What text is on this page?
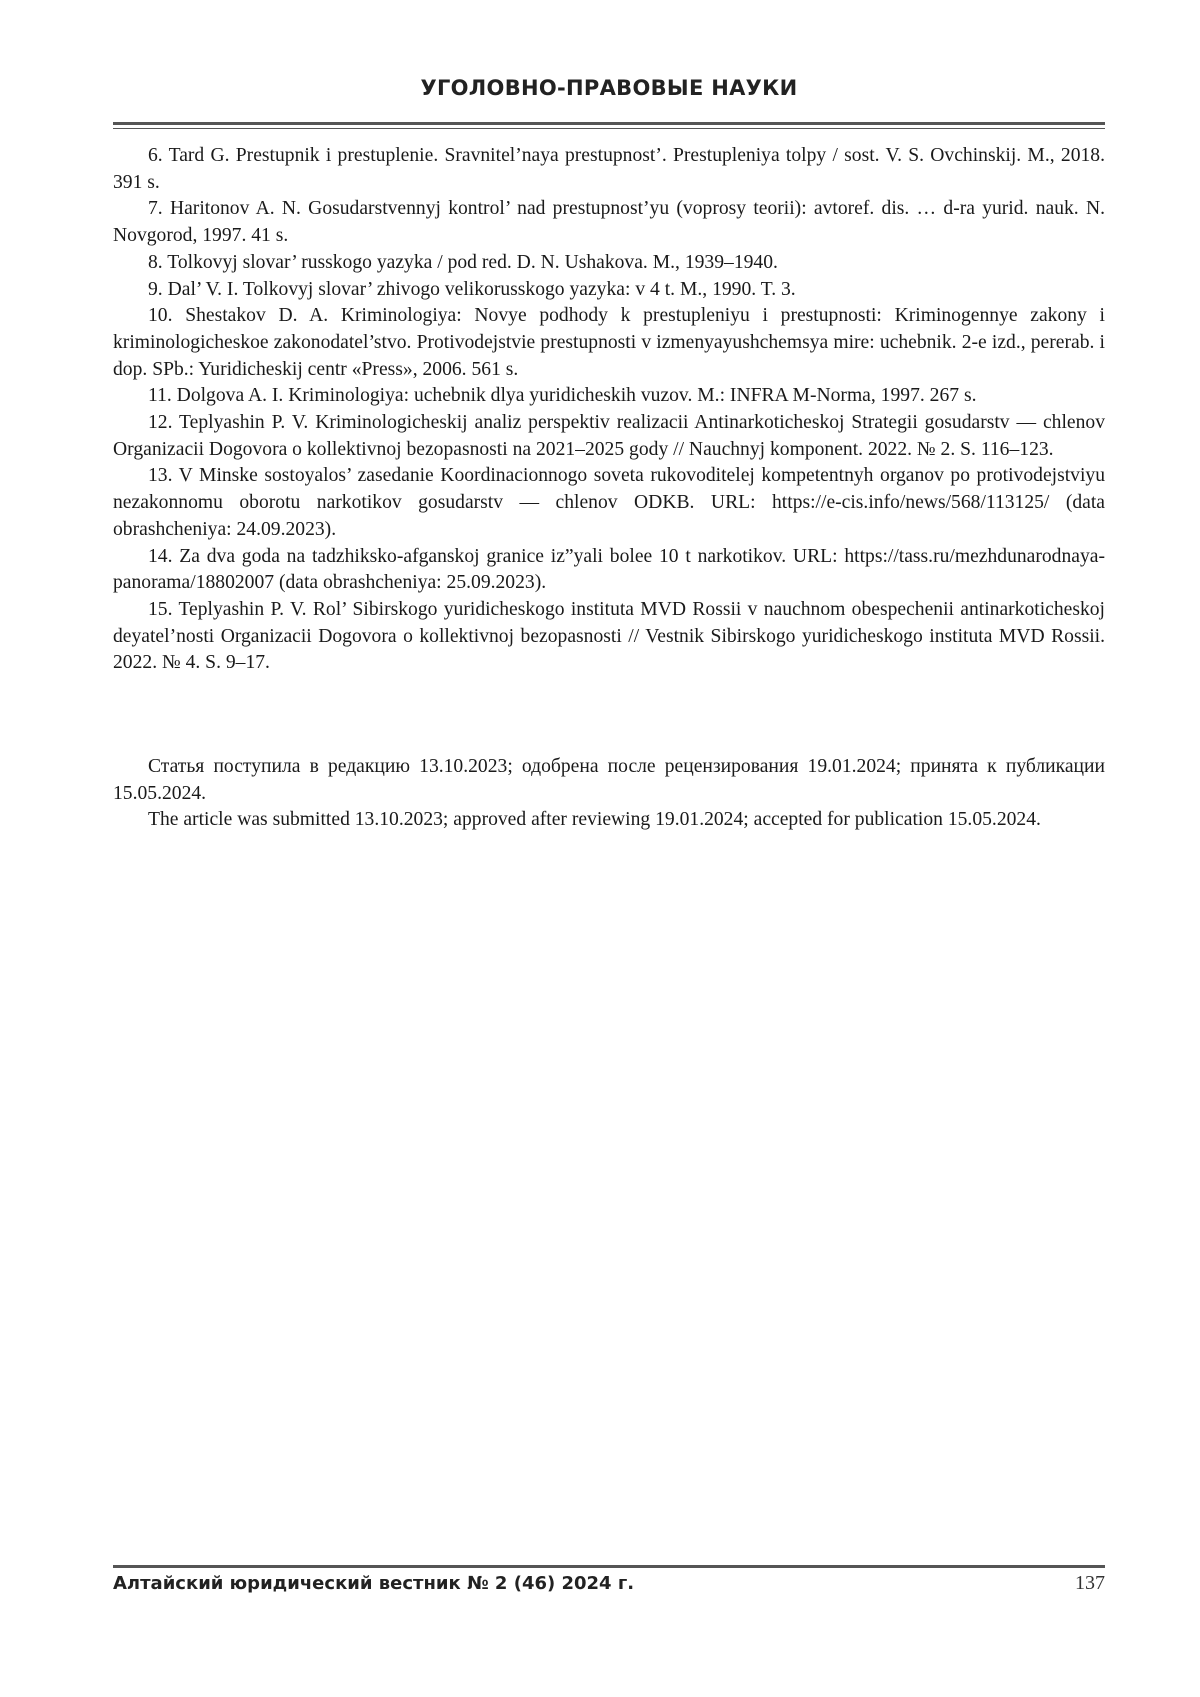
УГОЛОВНО-ПРАВОВЫЕ НАУКИ

6. Tard G. Prestupnik i prestuplenie. Sravnitel’naya prestupnost’. Prestupleniya tolpy / sost. V. S. Ovchinskij. M., 2018. 391 s.

7. Haritonov A. N. Gosudarstvennyj kontrol’ nad prestupnost’yu (voprosy teorii): avtoref. dis. … d-ra yurid. nauk. N. Novgorod, 1997. 41 s.

8. Tolkovyj slovar’ russkogo yazyka / pod red. D. N. Ushakova. M., 1939–1940.

9. Dal’ V. I. Tolkovyj slovar’ zhivogo velikorusskogo yazyka: v 4 t. M., 1990. T. 3.

10. Shestakov D. A. Kriminologiya: Novye podhody k prestupleniyu i prestupnosti: Kriminogennye zakony i kriminologicheskoe zakonodatel’stvo. Protivodejstvie prestupnosti v izmenyayushchemsya mire: uchebnik. 2-e izd., pererab. i dop. SPb.: Yuridicheskij centr «Press», 2006. 561 s.

11. Dolgova A. I. Kriminologiya: uchebnik dlya yuridicheskih vuzov. M.: INFRA M-Norma, 1997. 267 s.

12. Teplyashin P. V. Kriminologicheskij analiz perspektiv realizacii Antinarkoticheskoj Strategii gosudarstv — chlenov Organizacii Dogovora o kollektivnoj bezopasnosti na 2021–2025 gody // Nauchnyj komponent. 2022. № 2. S. 116–123.

13. V Minske sostoyalos’ zasedanie Koordinacionnogo soveta rukovoditelej kompetentnyh organov po protivodejstviyu nezakonnomu oborotu narkotikov gosudarstv — chlenov ODKB. URL: https://e-cis.info/news/568/113125/ (data obrashcheniya: 24.09.2023).

14. Za dva goda na tadzhiksko-afganskoj granice iz”yali bolee 10 t narkotikov. URL: https://tass.ru/mezhdunarodnaya-panorama/18802007 (data obrashcheniya: 25.09.2023).

15. Teplyashin P. V. Rol’ Sibirskogo yuridicheskogo instituta MVD Rossii v nauchnom obespechenii antinarkoticheskoj deyatel’nosti Organizacii Dogovora o kollektivnoj bezopasnosti // Vestnik Sibirskogo yuridicheskogo instituta MVD Rossii. 2022. № 4. S. 9–17.

Статья поступила в редакцию 13.10.2023; одобрена после рецензирования 19.01.2024; принята к публикации 15.05.2024.

The article was submitted 13.10.2023; approved after reviewing 19.01.2024; accepted for publication 15.05.2024.

Алтайский юридический вестник № 2 (46) 2024 г.	137
